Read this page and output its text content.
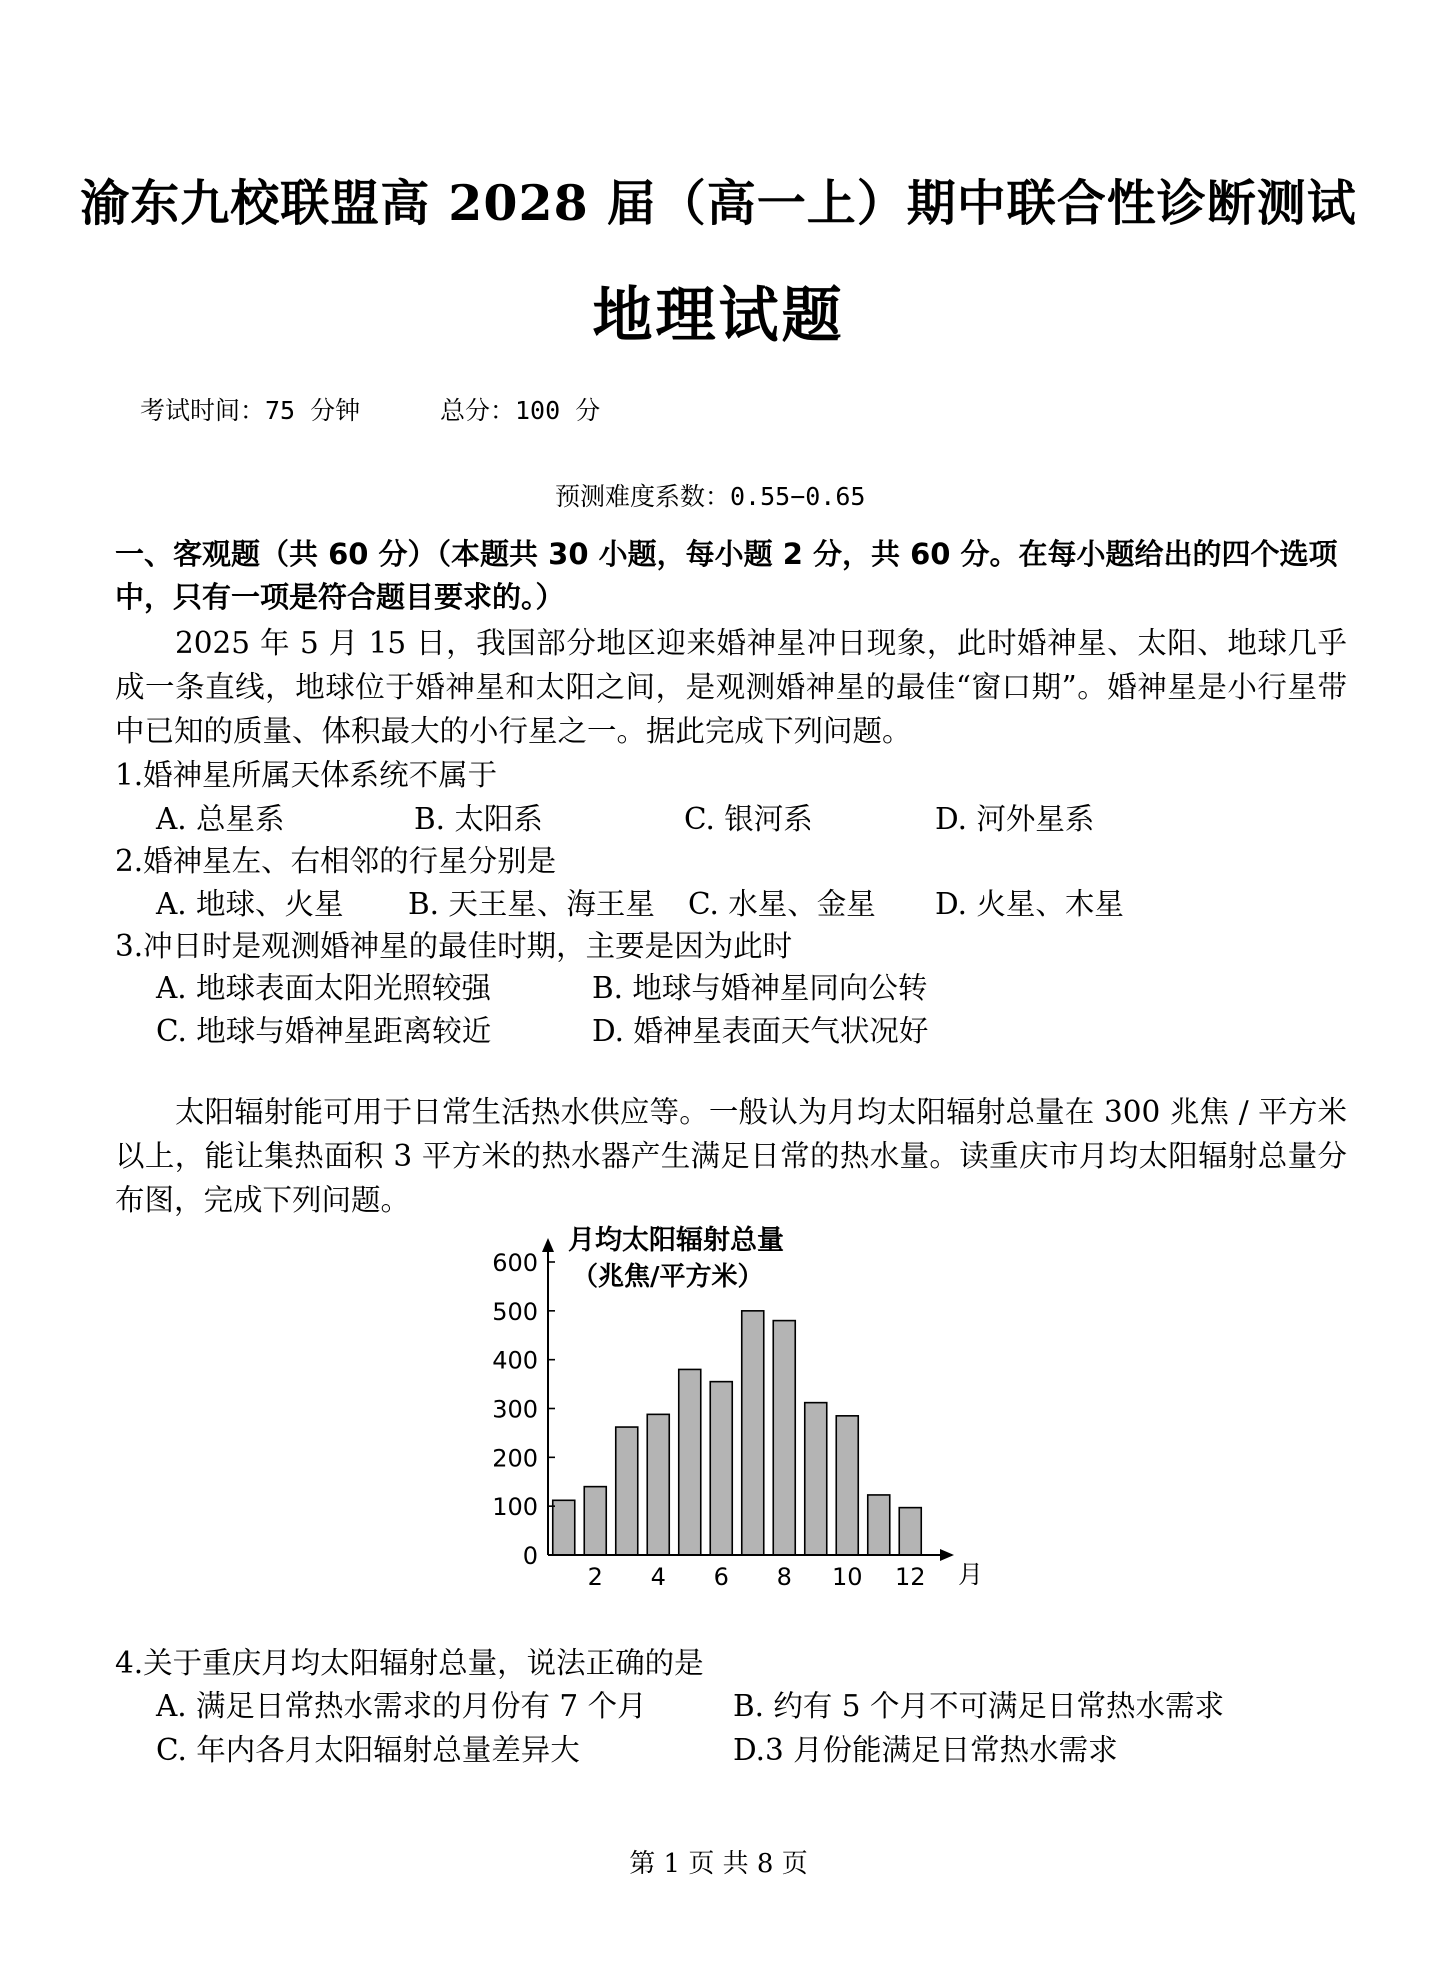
渝东九校联盟高 2028 届（高一上）期中联合性诊断测试
地理试题
考试时间：75 分钟	总分：100 分
预测难度系数：0.55−0.65
一、客观题（共 60 分）（本题共 30 小题，每小题 2 分，共 60 分。在每小题给出的四个选项中，只有一项是符合题目要求的。）
2025 年 5 月 15 日，我国部分地区迎来婚神星冲日现象，此时婚神星、太阳、地球几乎成一条直线，地球位于婚神星和太阳之间，是观测婚神星的最佳“窗口期”。婚神星是小行星带中已知的质量、体积最大的小行星之一。据此完成下列问题。
1.婚神星所属天体系统不属于
A. 总星系	B. 太阳系	C. 银河系	D. 河外星系
2.婚神星左、右相邻的行星分别是
A. 地球、火星 B. 天王星、海王星 C. 水星、金星 D. 火星、木星
3.冲日时是观测婚神星的最佳时期，主要是因为此时
A. 地球表面太阳光照较强	B. 地球与婚神星同向公转
C. 地球与婚神星距离较近	D. 婚神星表面天气状况好
太阳辐射能可用于日常生活热水供应等。一般认为月均太阳辐射总量在 300 兆焦 / 平方米以上，能让集热面积 3 平方米的热水器产生满足日常的热水量。读重庆市月均太阳辐射总量分布图，完成下列问题。
月均太阳辐射总量
（兆焦/平方米）
0
100
200
300
400
500
600
2 4 6 8 10 12 月
4.关于重庆月均太阳辐射总量，说法正确的是
A. 满足日常热水需求的月份有 7 个月	B. 约有 5 个月不可满足日常热水需求
C. 年内各月太阳辐射总量差异大	D.3 月份能满足日常热水需求
第 1 页 共 8 页
